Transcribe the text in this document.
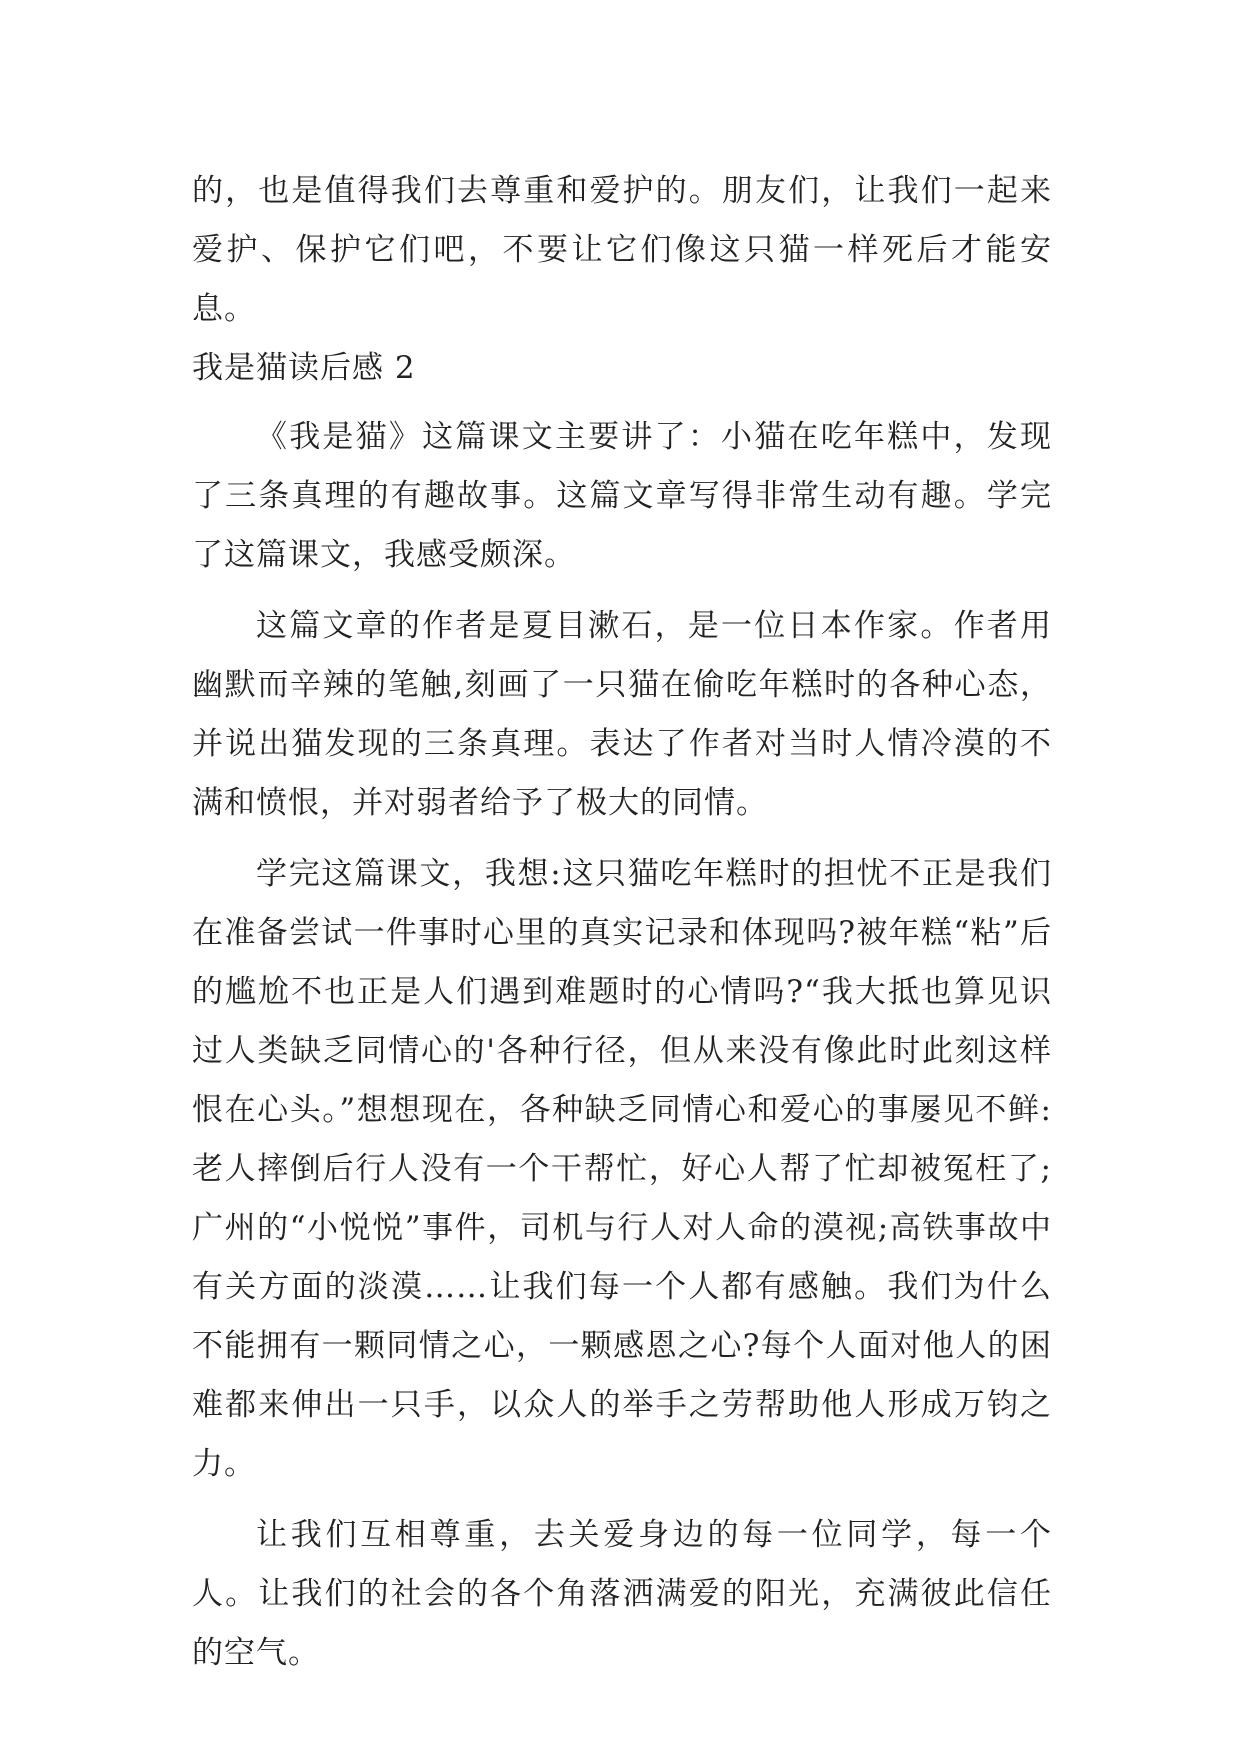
的，也是值得我们去尊重和爱护的。朋友们，让我们一起来爱护、保护它们吧，不要让它们像这只猫一样死后才能安息。

我是猫读后感 2

《我是猫》这篇课文主要讲了：小猫在吃年糕中，发现了三条真理的有趣故事。这篇文章写得非常生动有趣。学完了这篇课文，我感受颇深。

这篇文章的作者是夏目漱石，是一位日本作家。作者用幽默而辛辣的笔触,刻画了一只猫在偷吃年糕时的各种心态，并说出猫发现的三条真理。表达了作者对当时人情冷漠的不满和愤恨，并对弱者给予了极大的同情。

学完这篇课文，我想:这只猫吃年糕时的担忧不正是我们在准备尝试一件事时心里的真实记录和体现吗?被年糕“粘”后的尴尬不也正是人们遇到难题时的心情吗?“我大抵也算见识过人类缺乏同情心的'各种行径，但从来没有像此时此刻这样恨在心头。”想想现在，各种缺乏同情心和爱心的事屡见不鲜:老人摔倒后行人没有一个干帮忙，好心人帮了忙却被冤枉了;广州的“小悦悦”事件，司机与行人对人命的漠视;高铁事故中有关方面的淡漠……让我们每一个人都有感触。我们为什么不能拥有一颗同情之心，一颗感恩之心?每个人面对他人的困难都来伸出一只手，以众人的举手之劳帮助他人形成万钧之力。

让我们互相尊重，去关爱身边的每一位同学，每一个人。让我们的社会的各个角落洒满爱的阳光，充满彼此信任的空气。
